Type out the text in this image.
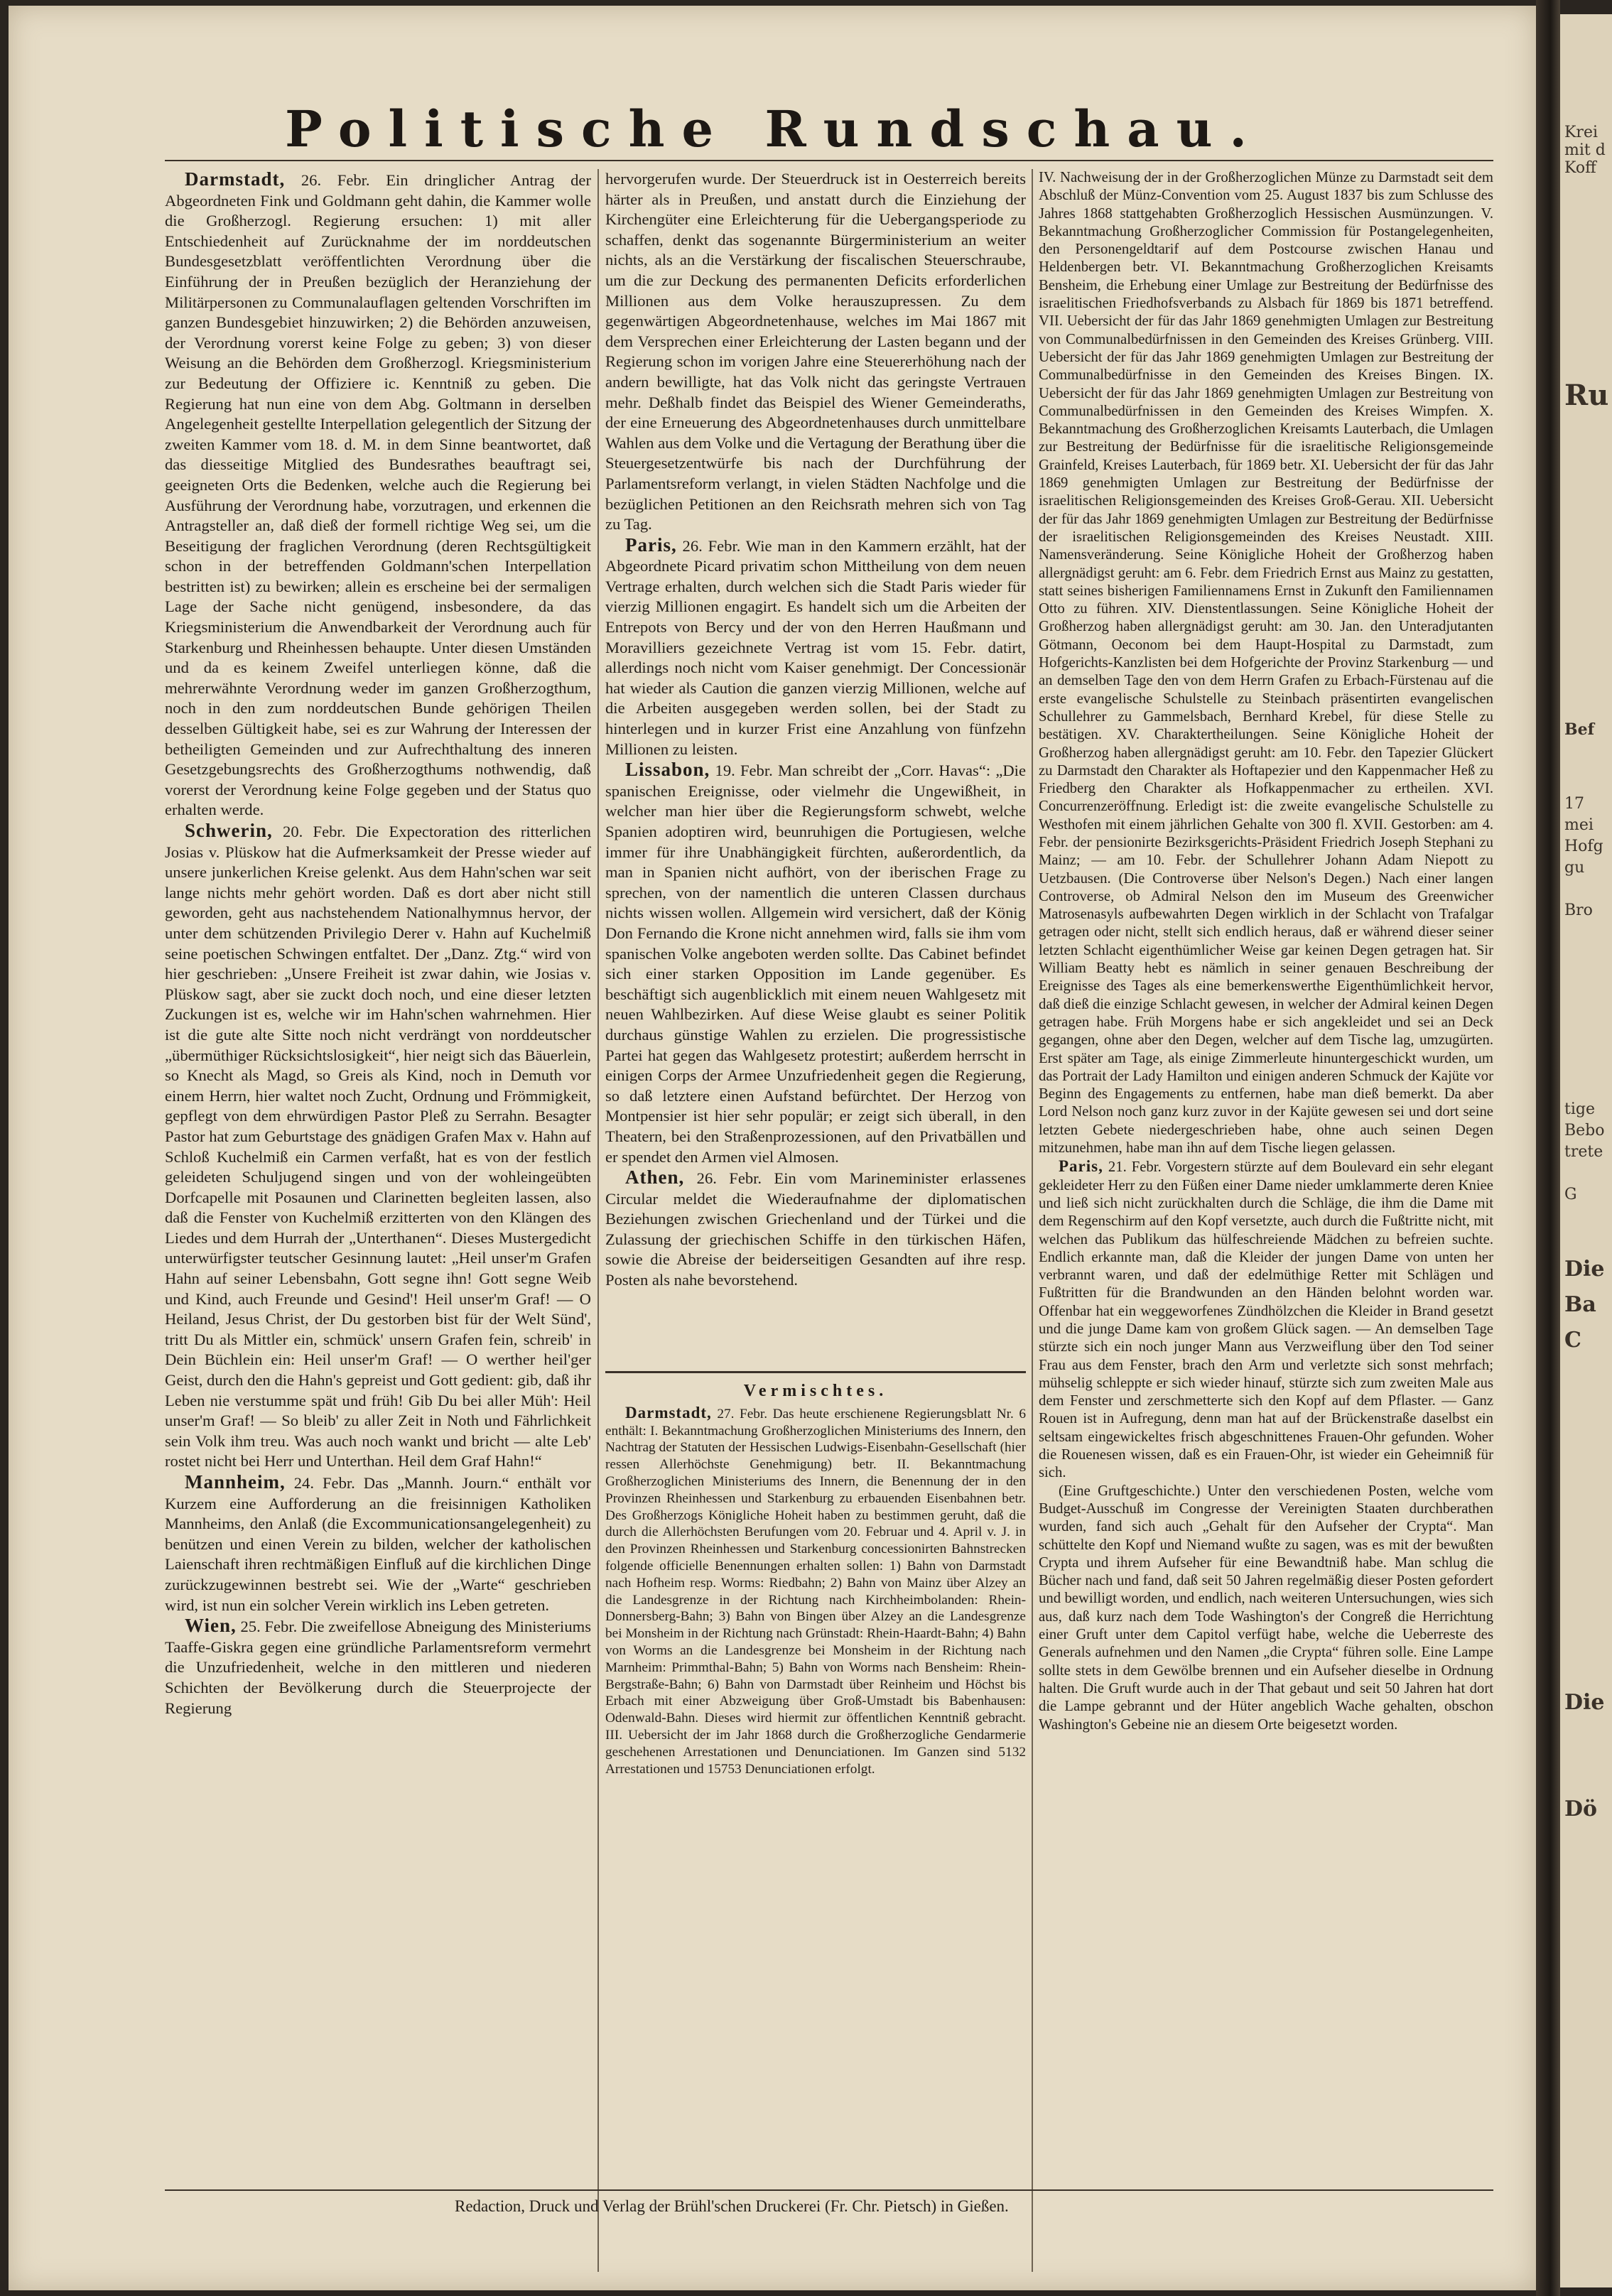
Krei
mit d
Koff
Ru
Bef
17
mei
Hofg
gu
Bro
tige
Bebo
trete
G
Die
Ba
C
Die
Dö
Politische Rundschau.

Darmstadt, 26. Febr. Ein dringlicher Antrag der Abgeordneten Fink und Goldmann geht dahin, die Kammer wolle die Großherzogl. Regierung ersuchen: 1) mit aller Entschiedenheit auf Zurücknahme der im norddeutschen Bundesgesetzblatt veröffentlichten Verordnung über die Einführung der in Preußen bezüglich der Heranziehung der Militärpersonen zu Communalauflagen geltenden Vorschriften im ganzen Bundesgebiet hinzuwirken; 2) die Behörden anzuweisen, der Verordnung vorerst keine Folge zu geben; 3) von dieser Weisung an die Behörden dem Großherzogl. Kriegsministerium zur Bedeutung der Offiziere ic. Kenntniß zu geben. Die Regierung hat nun eine von dem Abg. Goltmann in derselben Angelegenheit gestellte Interpellation gelegentlich der Sitzung der zweiten Kammer vom 18. d. M. in dem Sinne beantwortet, daß das diesseitige Mitglied des Bundesrathes beauftragt sei, geeigneten Orts die Bedenken, welche auch die Regierung bei Ausführung der Verordnung habe, vorzutragen, und erkennen die Antragsteller an, daß dieß der formell richtige Weg sei, um die Beseitigung der fraglichen Verordnung (deren Rechtsgültigkeit schon in der betreffenden Goldmann'schen Interpellation bestritten ist) zu bewirken; allein es erscheine bei der sermaligen Lage der Sache nicht genügend, insbesondere, da das Kriegsministerium die Anwendbarkeit der Verordnung auch für Starkenburg und Rheinhessen behaupte. Unter diesen Umständen und da es keinem Zweifel unterliegen könne, daß die mehrerwähnte Verordnung weder im ganzen Großherzogthum, noch in den zum norddeutschen Bunde gehörigen Theilen desselben Gültigkeit habe, sei es zur Wahrung der Interessen der betheiligten Gemeinden und zur Aufrechthaltung des inneren Gesetzgebungsrechts des Großherzogthums nothwendig, daß vorerst der Verordnung keine Folge gegeben und der Status quo erhalten werde.

Schwerin, 20. Febr. Die Expectoration des ritterlichen Josias v. Plüskow hat die Aufmerksamkeit der Presse wieder auf unsere junkerlichen Kreise gelenkt. Aus dem Hahn'schen war seit lange nichts mehr gehört worden. Daß es dort aber nicht still geworden, geht aus nachstehendem Nationalhymnus hervor, der unter dem schützenden Privilegio Derer v. Hahn auf Kuchelmiß seine poetischen Schwingen entfaltet. Der „Danz. Ztg.“ wird von hier geschrieben: „Unsere Freiheit ist zwar dahin, wie Josias v. Plüskow sagt, aber sie zuckt doch noch, und eine dieser letzten Zuckungen ist es, welche wir im Hahn'schen wahrnehmen. Hier ist die gute alte Sitte noch nicht verdrängt von norddeutscher „übermüthiger Rücksichtslosigkeit“, hier neigt sich das Bäuerlein, so Knecht als Magd, so Greis als Kind, noch in Demuth vor einem Herrn, hier waltet noch Zucht, Ordnung und Frömmigkeit, gepflegt von dem ehrwürdigen Pastor Pleß zu Serrahn. Besagter Pastor hat zum Geburtstage des gnädigen Grafen Max v. Hahn auf Schloß Kuchelmiß ein Carmen verfaßt, hat es von der festlich geleideten Schuljugend singen und von der wohleingeübten Dorfcapelle mit Posaunen und Clarinetten begleiten lassen, also daß die Fenster von Kuchelmiß erzitterten von den Klängen des Liedes und dem Hurrah der „Unterthanen“. Dieses Mustergedicht unterwürfigster teutscher Gesinnung lautet: „Heil unser'm Grafen Hahn auf seiner Lebensbahn, Gott segne ihn! Gott segne Weib und Kind, auch Freunde und Gesind'! Heil unser'm Graf! — O Heiland, Jesus Christ, der Du gestorben bist für der Welt Sünd', tritt Du als Mittler ein, schmück' unsern Grafen fein, schreib' in Dein Büchlein ein: Heil unser'm Graf! — O werther heil'ger Geist, durch den die Hahn's gepreist und Gott gedient: gib, daß ihr Leben nie verstumme spät und früh! Gib Du bei aller Müh': Heil unser'm Graf! — So bleib' zu aller Zeit in Noth und Fährlichkeit sein Volk ihm treu. Was auch noch wankt und bricht — alte Leb' rostet nicht bei Herr und Unterthan. Heil dem Graf Hahn!“

Mannheim, 24. Febr. Das „Mannh. Journ.“ enthält vor Kurzem eine Aufforderung an die freisinnigen Katholiken Mannheims, den Anlaß (die Excommunicationsangelegenheit) zu benützen und einen Verein zu bilden, welcher der katholischen Laienschaft ihren rechtmäßigen Einfluß auf die kirchlichen Dinge zurückzugewinnen bestrebt sei. Wie der „Warte“ geschrieben wird, ist nun ein solcher Verein wirklich ins Leben getreten.

Wien, 25. Febr. Die zweifellose Abneigung des Ministeriums Taaffe-Giskra gegen eine gründliche Parlamentsreform vermehrt die Unzufriedenheit, welche in den mittleren und niederen Schichten der Bevölkerung durch die Steuerprojecte der Regierung

hervorgerufen wurde. Der Steuerdruck ist in Oesterreich bereits härter als in Preußen, und anstatt durch die Einziehung der Kirchengüter eine Erleichterung für die Uebergangsperiode zu schaffen, denkt das sogenannte Bürgerministerium an weiter nichts, als an die Verstärkung der fiscalischen Steuerschraube, um die zur Deckung des permanenten Deficits erforderlichen Millionen aus dem Volke herauszupressen. Zu dem gegenwärtigen Abgeordnetenhause, welches im Mai 1867 mit dem Versprechen einer Erleichterung der Lasten begann und der Regierung schon im vorigen Jahre eine Steuererhöhung nach der andern bewilligte, hat das Volk nicht das geringste Vertrauen mehr. Deßhalb findet das Beispiel des Wiener Gemeinderaths, der eine Erneuerung des Abgeordnetenhauses durch unmittelbare Wahlen aus dem Volke und die Vertagung der Berathung über die Steuergesetzentwürfe bis nach der Durchführung der Parlamentsreform verlangt, in vielen Städten Nachfolge und die bezüglichen Petitionen an den Reichsrath mehren sich von Tag zu Tag.

Paris, 26. Febr. Wie man in den Kammern erzählt, hat der Abgeordnete Picard privatim schon Mittheilung von dem neuen Vertrage erhalten, durch welchen sich die Stadt Paris wieder für vierzig Millionen engagirt. Es handelt sich um die Arbeiten der Entrepots von Bercy und der von den Herren Haußmann und Moravilliers gezeichnete Vertrag ist vom 15. Febr. datirt, allerdings noch nicht vom Kaiser genehmigt. Der Concessionär hat wieder als Caution die ganzen vierzig Millionen, welche auf die Arbeiten ausgegeben werden sollen, bei der Stadt zu hinterlegen und in kurzer Frist eine Anzahlung von fünfzehn Millionen zu leisten.

Lissabon, 19. Febr. Man schreibt der „Corr. Havas“: „Die spanischen Ereignisse, oder vielmehr die Ungewißheit, in welcher man hier über die Regierungsform schwebt, welche Spanien adoptiren wird, beunruhigen die Portugiesen, welche immer für ihre Unabhängigkeit fürchten, außerordentlich, da man in Spanien nicht aufhört, von der iberischen Frage zu sprechen, von der namentlich die unteren Classen durchaus nichts wissen wollen. Allgemein wird versichert, daß der König Don Fernando die Krone nicht annehmen wird, falls sie ihm vom spanischen Volke angeboten werden sollte. Das Cabinet befindet sich einer starken Opposition im Lande gegenüber. Es beschäftigt sich augenblicklich mit einem neuen Wahlgesetz mit neuen Wahlbezirken. Auf diese Weise glaubt es seiner Politik durchaus günstige Wahlen zu erzielen. Die progressistische Partei hat gegen das Wahlgesetz protestirt; außerdem herrscht in einigen Corps der Armee Unzufriedenheit gegen die Regierung, so daß letztere einen Aufstand befürchtet. Der Herzog von Montpensier ist hier sehr populär; er zeigt sich überall, in den Theatern, bei den Straßenprozessionen, auf den Privatbällen und er spendet den Armen viel Almosen.

Athen, 26. Febr. Ein vom Marineminister erlassenes Circular meldet die Wiederaufnahme der diplomatischen Beziehungen zwischen Griechenland und der Türkei und die Zulassung der griechischen Schiffe in den türkischen Häfen, sowie die Abreise der beiderseitigen Gesandten auf ihre resp. Posten als nahe bevorstehend.

Vermischtes.

Darmstadt, 27. Febr. Das heute erschienene Regierungsblatt Nr. 6 enthält: I. Bekanntmachung Großherzoglichen Ministeriums des Innern, den Nachtrag der Statuten der Hessischen Ludwigs-Eisenbahn-Gesellschaft (hier ressen Allerhöchste Genehmigung) betr. II. Bekanntmachung Großherzoglichen Ministeriums des Innern, die Benennung der in den Provinzen Rheinhessen und Starkenburg zu erbauenden Eisenbahnen betr. Des Großherzogs Königliche Hoheit haben zu bestimmen geruht, daß die durch die Allerhöchsten Berufungen vom 20. Februar und 4. April v. J. in den Provinzen Rheinhessen und Starkenburg concessionirten Bahnstrecken folgende officielle Benennungen erhalten sollen: 1) Bahn von Darmstadt nach Hofheim resp. Worms: Riedbahn; 2) Bahn von Mainz über Alzey an die Landesgrenze in der Richtung nach Kirchheimbolanden: Rhein-Donnersberg-Bahn; 3) Bahn von Bingen über Alzey an die Landesgrenze bei Monsheim in der Richtung nach Grünstadt: Rhein-Haardt-Bahn; 4) Bahn von Worms an die Landesgrenze bei Monsheim in der Richtung nach Marnheim: Primmthal-Bahn; 5) Bahn von Worms nach Bensheim: Rhein-Bergstraße-Bahn; 6) Bahn von Darmstadt über Reinheim und Höchst bis Erbach mit einer Abzweigung über Groß-Umstadt bis Babenhausen: Odenwald-Bahn. Dieses wird hiermit zur öffentlichen Kenntniß gebracht. III. Uebersicht der im Jahr 1868 durch die Großherzogliche Gendarmerie geschehenen Arrestationen und Denunciationen. Im Ganzen sind 5132 Arrestationen und 15753 Denunciationen erfolgt.

IV. Nachweisung der in der Großherzoglichen Münze zu Darmstadt seit dem Abschluß der Münz-Convention vom 25. August 1837 bis zum Schlusse des Jahres 1868 stattgehabten Großherzoglich Hessischen Ausmünzungen. V. Bekanntmachung Großherzoglicher Commission für Postangelegenheiten, den Personengeldtarif auf dem Postcourse zwischen Hanau und Heldenbergen betr. VI. Bekanntmachung Großherzoglichen Kreisamts Bensheim, die Erhebung einer Umlage zur Bestreitung der Bedürfnisse des israelitischen Friedhofsverbands zu Alsbach für 1869 bis 1871 betreffend. VII. Uebersicht der für das Jahr 1869 genehmigten Umlagen zur Bestreitung von Communalbedürfnissen in den Gemeinden des Kreises Grünberg. VIII. Uebersicht der für das Jahr 1869 genehmigten Umlagen zur Bestreitung der Communalbedürfnisse in den Gemeinden des Kreises Bingen. IX. Uebersicht der für das Jahr 1869 genehmigten Umlagen zur Bestreitung von Communalbedürfnissen in den Gemeinden des Kreises Wimpfen. X. Bekanntmachung des Großherzoglichen Kreisamts Lauterbach, die Umlagen zur Bestreitung der Bedürfnisse für die israelitische Religionsgemeinde Grainfeld, Kreises Lauterbach, für 1869 betr. XI. Uebersicht der für das Jahr 1869 genehmigten Umlagen zur Bestreitung der Bedürfnisse der israelitischen Religionsgemeinden des Kreises Groß-Gerau. XII. Uebersicht der für das Jahr 1869 genehmigten Umlagen zur Bestreitung der Bedürfnisse der israelitischen Religionsgemeinden des Kreises Neustadt. XIII. Namensveränderung. Seine Königliche Hoheit der Großherzog haben allergnädigst geruht: am 6. Febr. dem Friedrich Ernst aus Mainz zu gestatten, statt seines bisherigen Familiennamens Ernst in Zukunft den Familiennamen Otto zu führen. XIV. Dienstentlassungen. Seine Königliche Hoheit der Großherzog haben allergnädigst geruht: am 30. Jan. den Unteradjutanten Götmann, Oeconom bei dem Haupt-Hospital zu Darmstadt, zum Hofgerichts-Kanzlisten bei dem Hofgerichte der Provinz Starkenburg — und an demselben Tage den von dem Herrn Grafen zu Erbach-Fürstenau auf die erste evangelische Schulstelle zu Steinbach präsentirten evangelischen Schullehrer zu Gammelsbach, Bernhard Krebel, für diese Stelle zu bestätigen. XV. Charaktertheilungen. Seine Königliche Hoheit der Großherzog haben allergnädigst geruht: am 10. Febr. den Tapezier Glückert zu Darmstadt den Charakter als Hoftapezier und den Kappenmacher Heß zu Friedberg den Charakter als Hofkappenmacher zu ertheilen. XVI. Concurrenzeröffnung. Erledigt ist: die zweite evangelische Schulstelle zu Westhofen mit einem jährlichen Gehalte von 300 fl. XVII. Gestorben: am 4. Febr. der pensionirte Bezirksgerichts-Präsident Friedrich Joseph Stephani zu Mainz; — am 10. Febr. der Schullehrer Johann Adam Niepott zu Uetzbausen. (Die Controverse über Nelson's Degen.) Nach einer langen Controverse, ob Admiral Nelson den im Museum des Greenwicher Matrosenasyls aufbewahrten Degen wirklich in der Schlacht von Trafalgar getragen oder nicht, stellt sich endlich heraus, daß er während dieser seiner letzten Schlacht eigenthümlicher Weise gar keinen Degen getragen hat. Sir William Beatty hebt es nämlich in seiner genauen Beschreibung der Ereignisse des Tages als eine bemerkenswerthe Eigenthümlichkeit hervor, daß dieß die einzige Schlacht gewesen, in welcher der Admiral keinen Degen getragen habe. Früh Morgens habe er sich angekleidet und sei an Deck gegangen, ohne aber den Degen, welcher auf dem Tische lag, umzugürten. Erst später am Tage, als einige Zimmerleute hinuntergeschickt wurden, um das Portrait der Lady Hamilton und einigen anderen Schmuck der Kajüte vor Beginn des Engagements zu entfernen, habe man dieß bemerkt. Da aber Lord Nelson noch ganz kurz zuvor in der Kajüte gewesen sei und dort seine letzten Gebete niedergeschrieben habe, ohne auch seinen Degen mitzunehmen, habe man ihn auf dem Tische liegen gelassen.

Paris, 21. Febr. Vorgestern stürzte auf dem Boulevard ein sehr elegant gekleideter Herr zu den Füßen einer Dame nieder umklammerte deren Kniee und ließ sich nicht zurückhalten durch die Schläge, die ihm die Dame mit dem Regenschirm auf den Kopf versetzte, auch durch die Fußtritte nicht, mit welchen das Publikum das hülfeschreiende Mädchen zu befreien suchte. Endlich erkannte man, daß die Kleider der jungen Dame von unten her verbrannt waren, und daß der edelmüthige Retter mit Schlägen und Fußtritten für die Brandwunden an den Händen belohnt worden war. Offenbar hat ein weggeworfenes Zündhölzchen die Kleider in Brand gesetzt und die junge Dame kam von großem Glück sagen. — An demselben Tage stürzte sich ein noch junger Mann aus Verzweiflung über den Tod seiner Frau aus dem Fenster, brach den Arm und verletzte sich sonst mehrfach; mühselig schleppte er sich wieder hinauf, stürzte sich zum zweiten Male aus dem Fenster und zerschmetterte sich den Kopf auf dem Pflaster. — Ganz Rouen ist in Aufregung, denn man hat auf der Brückenstraße daselbst ein seltsam eingewickeltes frisch abgeschnittenes Frauen-Ohr gefunden. Woher die Rouenesen wissen, daß es ein Frauen-Ohr, ist wieder ein Geheimniß für sich.

(Eine Gruftgeschichte.) Unter den verschiedenen Posten, welche vom Budget-Ausschuß im Congresse der Vereinigten Staaten durchberathen wurden, fand sich auch „Gehalt für den Aufseher der Crypta“. Man schüttelte den Kopf und Niemand wußte zu sagen, was es mit der bewußten Crypta und ihrem Aufseher für eine Bewandtniß habe. Man schlug die Bücher nach und fand, daß seit 50 Jahren regelmäßig dieser Posten gefordert und bewilligt worden, und endlich, nach weiteren Untersuchungen, wies sich aus, daß kurz nach dem Tode Washington's der Congreß die Herrichtung einer Gruft unter dem Capitol verfügt habe, welche die Ueberreste des Generals aufnehmen und den Namen „die Crypta“ führen solle. Eine Lampe sollte stets in dem Gewölbe brennen und ein Aufseher dieselbe in Ordnung halten. Die Gruft wurde auch in der That gebaut und seit 50 Jahren hat dort die Lampe gebrannt und der Hüter angeblich Wache gehalten, obschon Washington's Gebeine nie an diesem Orte beigesetzt worden.

Redaction, Druck und Verlag der Brühl'schen Druckerei (Fr. Chr. Pietsch) in Gießen.
